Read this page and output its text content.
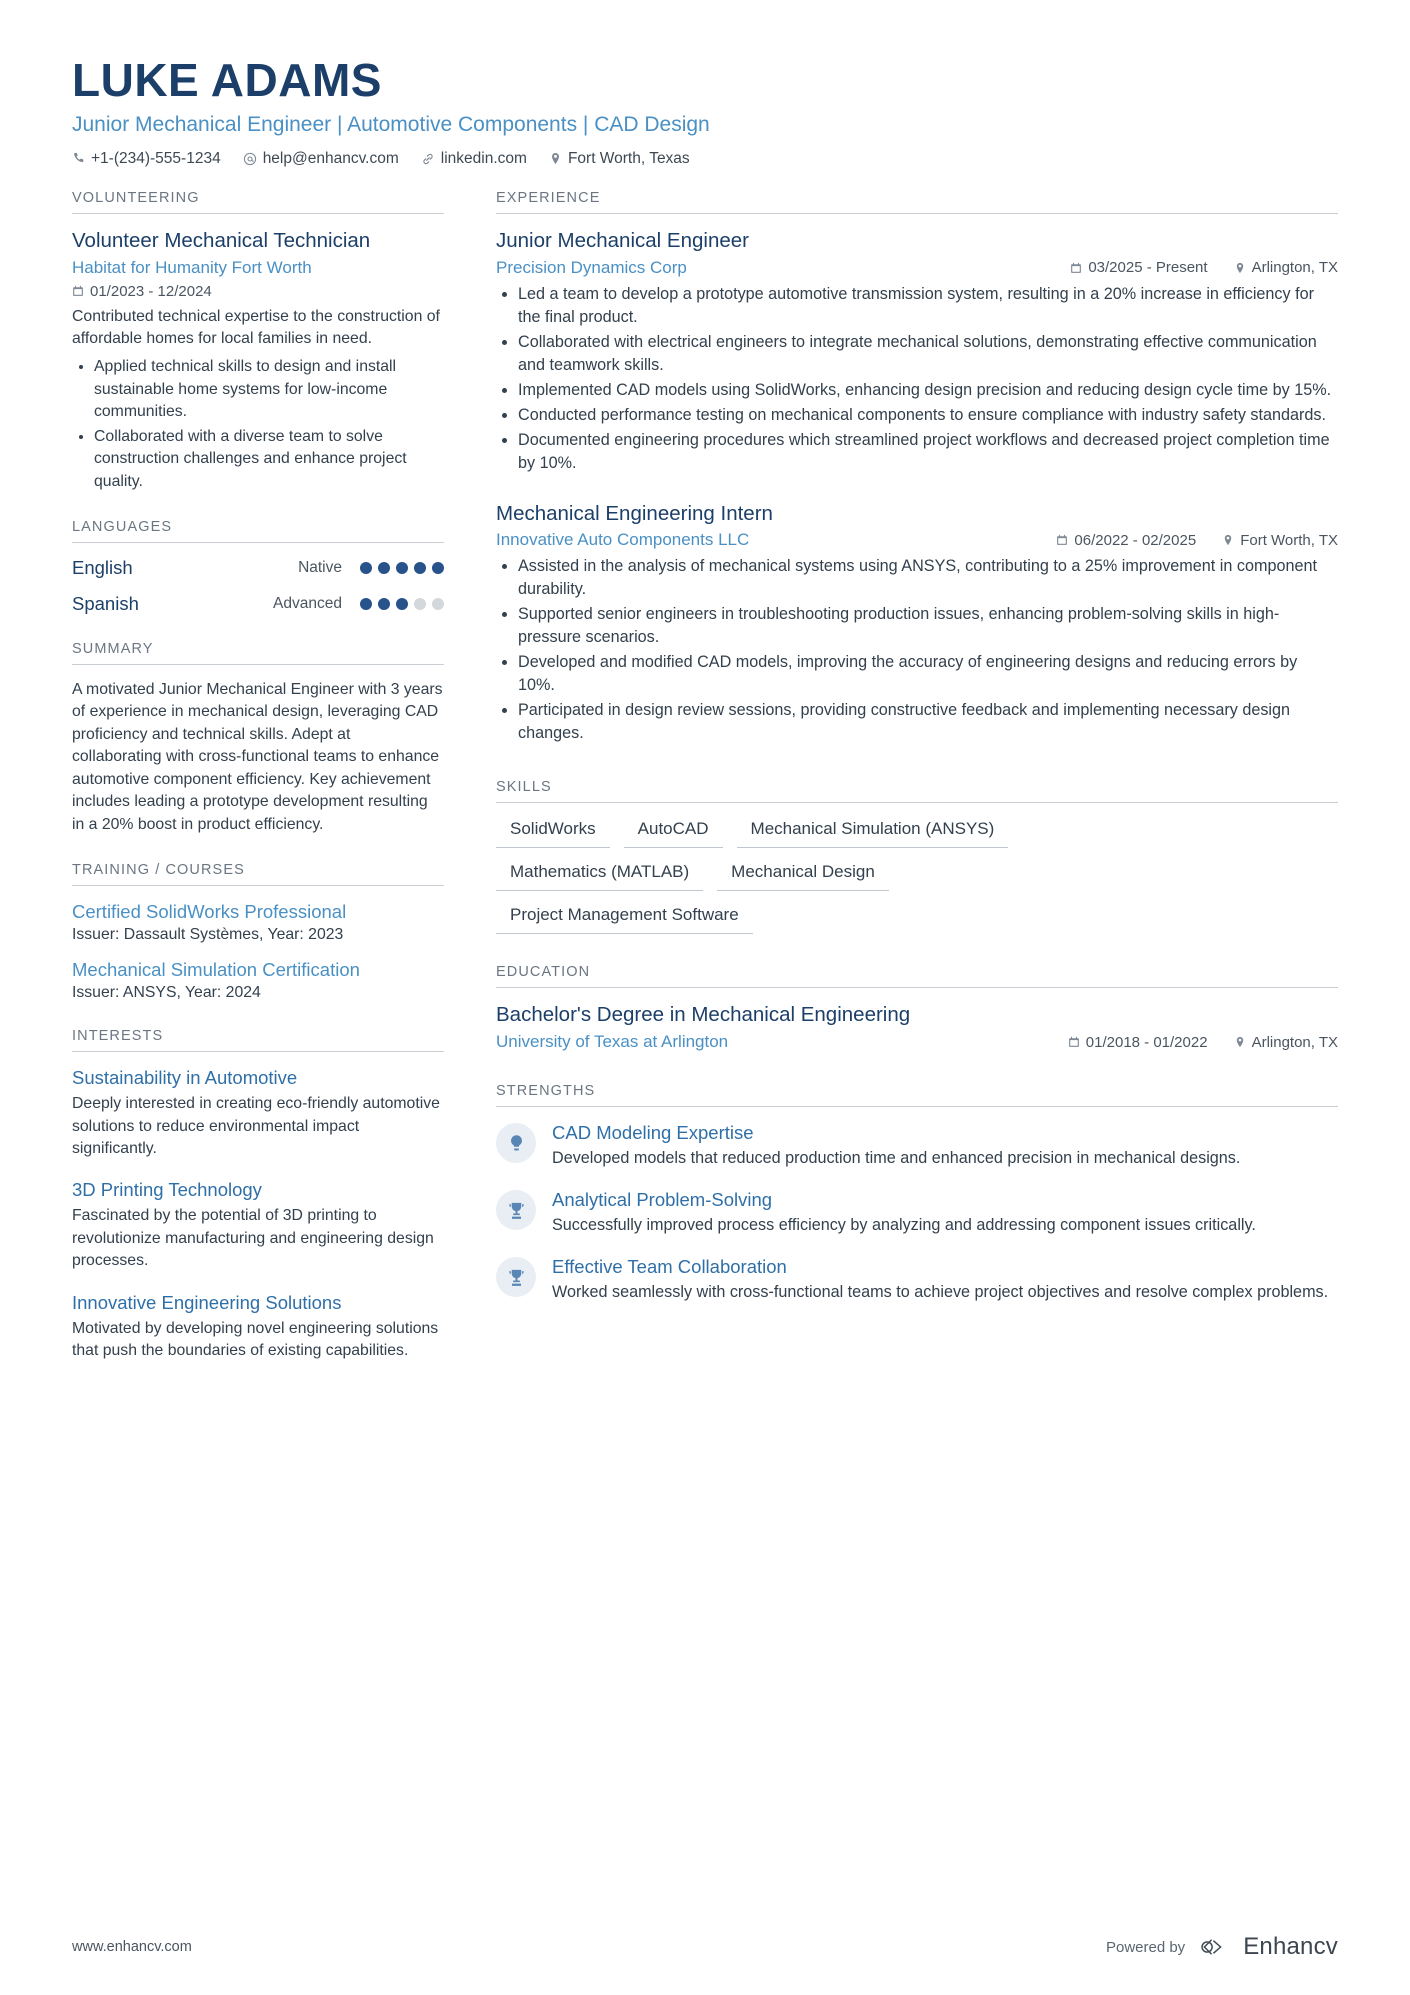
LUKE ADAMS
Junior Mechanical Engineer | Automotive Components | CAD Design
+1-(234)-555-1234	help@enhancv.com	linkedin.com	Fort Worth, Texas
VOLUNTEERING
Volunteer Mechanical Technician
Habitat for Humanity Fort Worth
01/2023 - 12/2024

Contributed technical expertise to the construction of affordable homes for local families in need.

• Applied technical skills to design and install sustainable home systems for low-income communities.
• Collaborated with a diverse team to solve construction challenges and enhance project quality.
LANGUAGES
English	Native
Spanish	Advanced
SUMMARY

A motivated Junior Mechanical Engineer with 3 years of experience in mechanical design, leveraging CAD proficiency and technical skills. Adept at collaborating with cross-functional teams to enhance automotive component efficiency. Key achievement includes leading a prototype development resulting in a 20% boost in product efficiency.

TRAINING / COURSES
Certified SolidWorks Professional
Issuer: Dassault Systèmes, Year: 2023
Mechanical Simulation Certification
Issuer: ANSYS, Year: 2024
INTERESTS
Sustainability in Automotive

Deeply interested in creating eco-friendly automotive solutions to reduce environmental impact significantly.

3D Printing Technology

Fascinated by the potential of 3D printing to revolutionize manufacturing and engineering design processes.

Innovative Engineering Solutions

Motivated by developing novel engineering solutions that push the boundaries of existing capabilities.

EXPERIENCE
Junior Mechanical Engineer
Precision Dynamics Corp	03/2025 - Present	Arlington, TX
• Led a team to develop a prototype automotive transmission system, resulting in a 20% increase in efficiency for the final product.
• Collaborated with electrical engineers to integrate mechanical solutions, demonstrating effective communication and teamwork skills.
• Implemented CAD models using SolidWorks, enhancing design precision and reducing design cycle time by 15%.
• Conducted performance testing on mechanical components to ensure compliance with industry safety standards.
• Documented engineering procedures which streamlined project workflows and decreased project completion time by 10%.
Mechanical Engineering Intern
Innovative Auto Components LLC	06/2022 - 02/2025	Fort Worth, TX
• Assisted in the analysis of mechanical systems using ANSYS, contributing to a 25% improvement in component durability.
• Supported senior engineers in troubleshooting production issues, enhancing problem-solving skills in high-pressure scenarios.
• Developed and modified CAD models, improving the accuracy of engineering designs and reducing errors by 10%.
• Participated in design review sessions, providing constructive feedback and implementing necessary design changes.
SKILLS
SolidWorks	AutoCAD	Mechanical Simulation (ANSYS)
Mathematics (MATLAB)	Mechanical Design
Project Management Software
EDUCATION
Bachelor's Degree in Mechanical Engineering
University of Texas at Arlington	01/2018 - 01/2022	Arlington, TX
STRENGTHS
CAD Modeling Expertise
Developed models that reduced production time and enhanced precision in mechanical designs.
Analytical Problem-Solving
Successfully improved process efficiency by analyzing and addressing component issues critically.
Effective Team Collaboration
Worked seamlessly with cross-functional teams to achieve project objectives and resolve complex problems.
www.enhancv.com	Powered by Enhancv
